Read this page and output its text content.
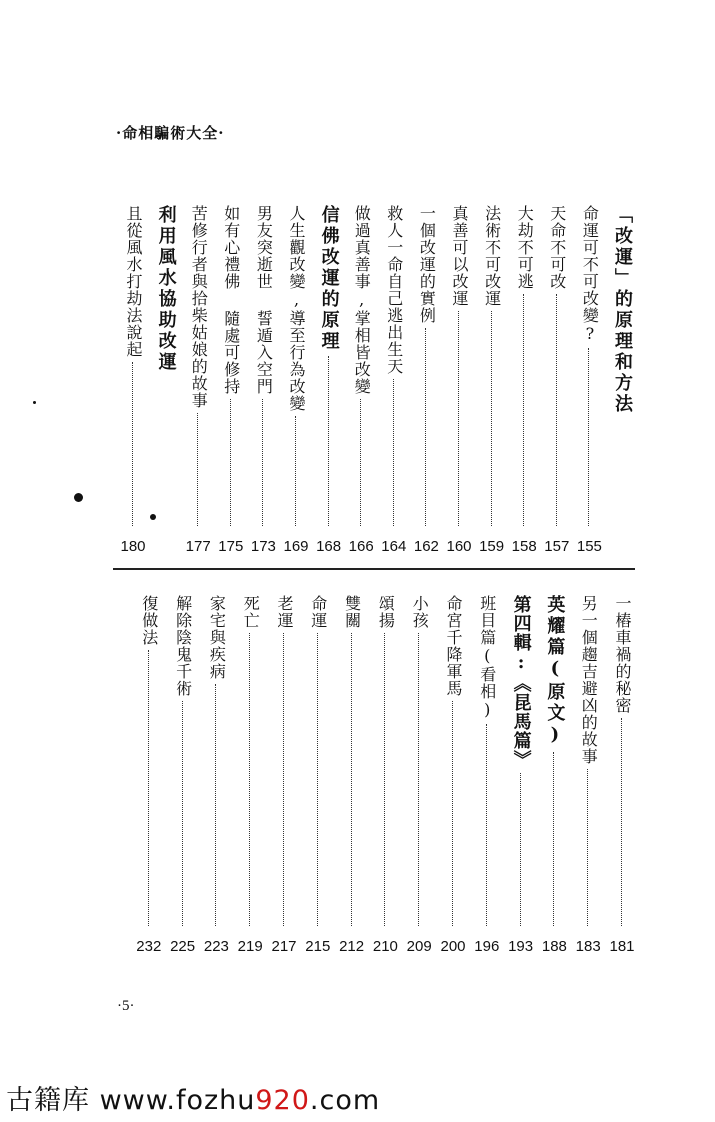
·命相騙術大全·
「改運」的原理和方法
命運可不可改變?
155
天命不可改
157
大劫不可逃
158
法術不可改運
159
真善可以改運
160
一個改運的實例
162
救人一命自己逃出生天
164
做過真善事,掌相皆改變
166
信佛改運的原理
168
人生觀改變,導至行為改變
169
男友突逝世 誓遁入空門
173
如有心禮佛 隨處可修持
175
苦修行者與拾柴姑娘的故事
177
利用風水協助改運
且從風水打劫法說起
180
一樁車禍的秘密
181
另一個趨吉避凶的故事
183
英耀篇(原文)
188
第四輯:《昆馬篇》
193
班目篇(看相)
196
命宮千降軍馬
200
小孩
209
頌揚
210
雙關
212
命運
215
老運
217
死亡
219
家宅與疾病
223
解除陰鬼千術
225
復做法
232
·5·
古籍库 www.fozhu920.com
